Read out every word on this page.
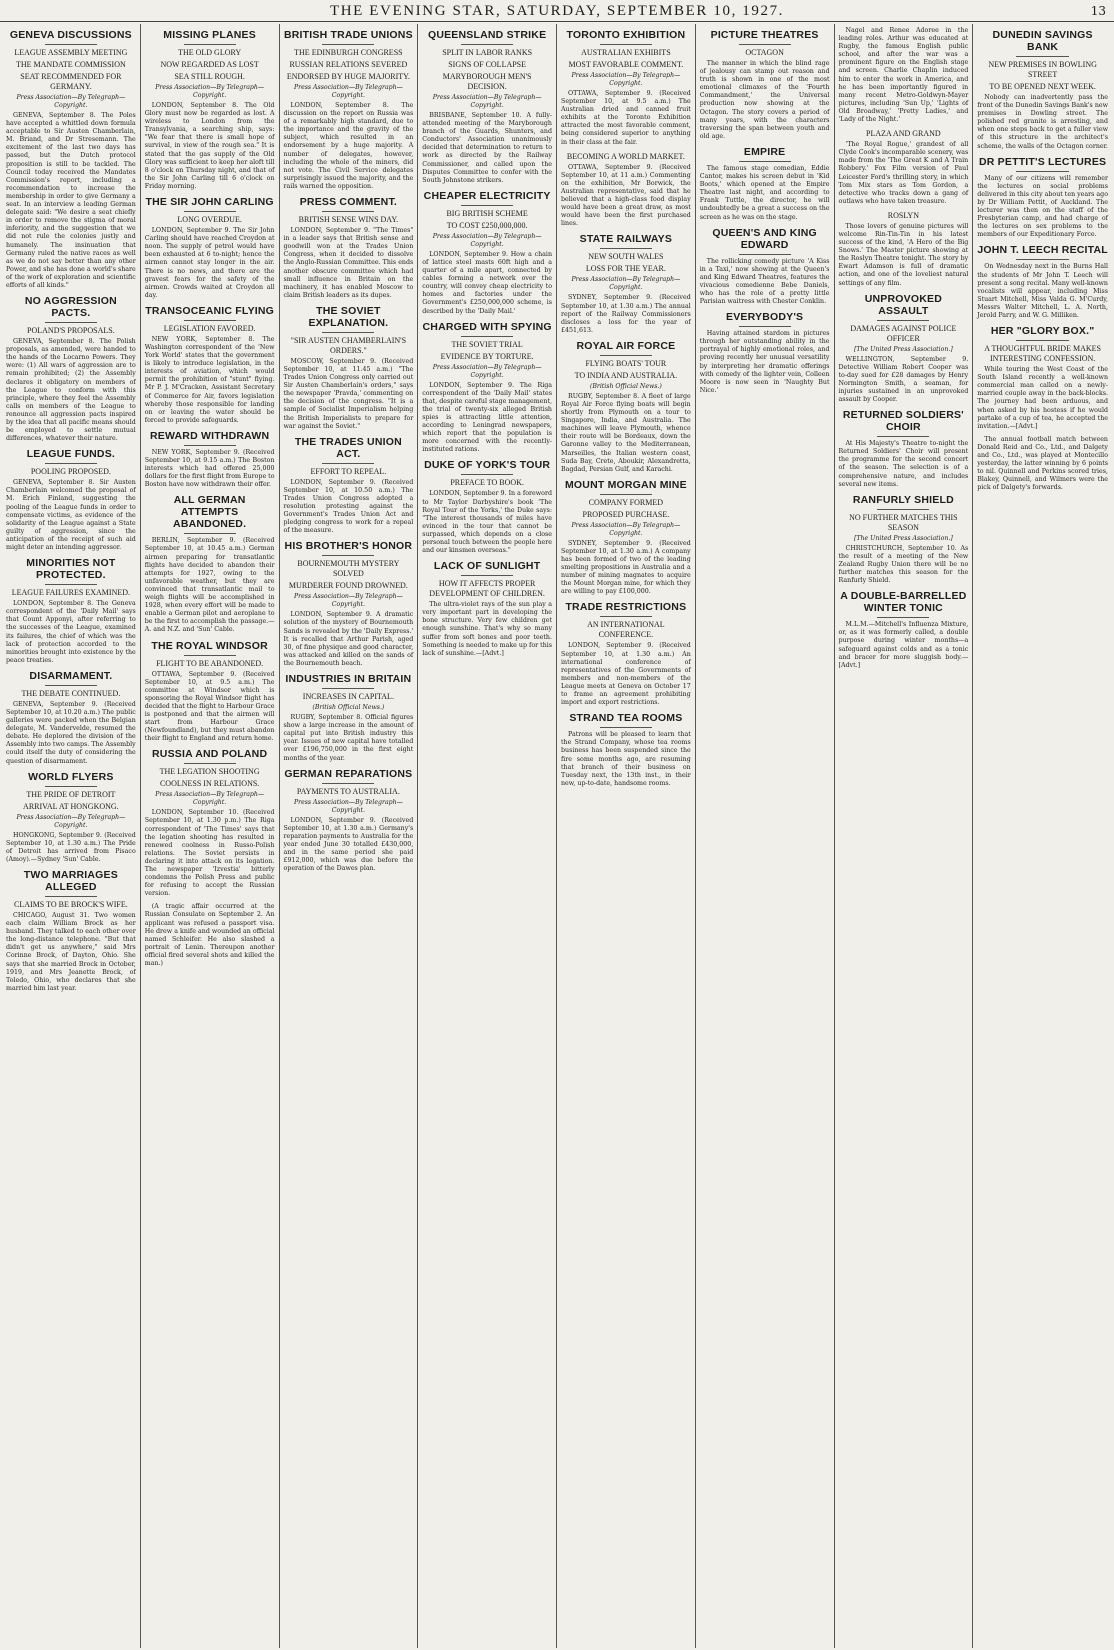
THE EVENING STAR, SATURDAY, SEPTEMBER 10, 1927.	13
GENEVA DISCUSSIONS
LEAGUE ASSEMBLY MEETING
THE MANDATE COMMISSION
SEAT RECOMMENDED FOR GERMANY.
Press Association—By Telegraph—Copyright.
GENEVA, September 8. The Poles have accepted a whittled down formula acceptable to Sir Austen Chamberlain, M. Briand, and Dr Stresemann. The excitement of the last two days has passed, but the Dutch protocol proposition is still to be tackled. The Council today received the Mandates Commission's report, including a recommendation to increase the membership in order to give Germany a seat. In an interview a leading German delegate said: "We desire a seat chiefly in order to remove the stigma of moral inferiority, and the suggestion that we did not rule the colonies justly and humanely. The insinuation that Germany ruled the native races as well as we do not say better than any other Power, and she has done a world's share of the work of exploration and scientific efforts of all kinds."
NO AGGRESSION PACTS.
POLAND'S PROPOSALS.
GENEVA, September 8. The Polish proposals, as amended, were handed to the hands of the Locarno Powers. They were: (1) All wars of aggression are to remain prohibited; (2) the Assembly declares it obligatory on members of the League to conform with this principle, where they feel the Assembly calls on members of the League to renounce all aggression pacts inspired by the idea that all pacific means should be employed to settle mutual differences, whatever their nature.
LEAGUE FUNDS.
POOLING PROPOSED.
GENEVA, September 8. Sir Austen Chamberlain welcomed the proposal of M. Erich Finland, suggesting the pooling of the League funds in order to compensate victims, as evidence of the solidarity of the League against a State guilty of aggression, since the anticipation of the receipt of such aid might deter an intending aggressor.
MINORITIES NOT PROTECTED.
LEAGUE FAILURES EXAMINED.
LONDON, September 8. The Geneva correspondent of the 'Daily Mail' says that Count Apponyi, after referring to the successes of the League, examined its failures, the chief of which was the lack of protection accorded to the minorities brought into existence by the peace treaties.
DISARMAMENT.
THE DEBATE CONTINUED.
GENEVA, September 9. (Received September 10, at 10.20 a.m.) The public galleries were packed when the Belgian delegate, M. Vandervelde, resumed the debate. He deplored the division of the Assembly into two camps. The Assembly could itself the duty of considering the question of disarmament.
WORLD FLYERS
THE PRIDE OF DETROIT
ARRIVAL AT HONGKONG.
Press Association—By Telegraph—Copyright.
HONGKONG, September 9. (Received September 10, at 1.30 a.m.) The Pride of Detroit has arrived from Pisaco (Amoy).—Sydney 'Sun' Cable.
TWO MARRIAGES ALLEGED
CLAIMS TO BE BROCK'S WIFE.
CHICAGO, August 31. Two women each claim William Brock as her husband. They talked to each other over the long-distance telephone. "But that didn't get us anywhere," said Mrs Corinne Brock, of Dayton, Ohio. She says that she married Brock in October, 1919, and Mrs Jeanette Brock, of Toledo, Ohio, who declares that she married him last year.
MISSING PLANES
THE OLD GLORY
NOW REGARDED AS LOST
SEA STILL ROUGH.
Press Association—By Telegraph—Copyright.
LONDON, September 8. The Old Glory must now be regarded as lost. A wireless to London from the Transylvania, a searching ship, says: "We fear that there is small hope of survival, in view of the rough sea." It is stated that the gas supply of the Old Glory was sufficient to keep her aloft till 8 o'clock on Thursday night, and that of the Sir John Carling till 6 o'clock on Friday morning.
THE SIR JOHN CARLING
LONG OVERDUE.
LONDON, September 9. The Sir John Carling should have reached Croydon at noon. The supply of petrol would have been exhausted at 6 to-night; hence the airmen cannot stay longer in the air. There is no news, and there are the gravest fears for the safety of the airmen. Crowds waited at Croydon all day.
TRANSOCEANIC FLYING
LEGISLATION FAVORED.
NEW YORK, September 8. The Washington correspondent of the 'New York World' states that the government is likely to introduce legislation, in the interests of aviation, which would permit the prohibition of "stunt" flying. Mr P. J. M'Cracken, Assistant Secretary of Commerce for Air, favors legislation whereby those responsible for landing on or leaving the water should be forced to provide safeguards.
REWARD WITHDRAWN
NEW YORK, September 9. (Received September 10, at 9.15 a.m.) The Boston interests which had offered 25,000 dollars for the first flight from Europe to Boston have now withdrawn their offer.
ALL GERMAN ATTEMPTS ABANDONED.
BERLIN, September 9. (Received September 10, at 10.45 a.m.) German airmen preparing for transatlantic flights have decided to abandon their attempts for 1927, owing to the unfavorable weather, but they are convinced that transatlantic mail to weigh flights will be accomplished in 1928, when every effort will be made to enable a German pilot and aeroplane to be the first to accomplish the passage.—A. and N.Z. and 'Sun' Cable.
THE ROYAL WINDSOR
FLIGHT TO BE ABANDONED.
OTTAWA, September 9. (Received September 10, at 9.5 a.m.) The committee at Windsor which is sponsoring the Royal Windsor flight has decided that the flight to Harbour Grace is postponed and that the airmen will start from Harbour Grace (Newfoundland), but they must abandon their flight to England and return home.
RUSSIA AND POLAND
THE LEGATION SHOOTING
COOLNESS IN RELATIONS.
Press Association—By Telegraph—Copyright.
LONDON, September 10. (Received September 10, at 1.30 p.m.) The Riga correspondent of 'The Times' says that the legation shooting has resulted in renewed coolness in Russo-Polish relations. The Soviet persists in declaring it into attack on its legation. The newspaper 'Izvestia' bitterly condemns the Polish Press and public for refusing to accept the Russian version.
(A tragic affair occurred at the Russian Consulate on September 2. An applicant was refused a passport visa. He drew a knife and wounded an official named Schleifer. He also slashed a portrait of Lenin. Thereupon another official fired several shots and killed the man.)
BRITISH TRADE UNIONS
THE EDINBURGH CONGRESS
RUSSIAN RELATIONS SEVERED
ENDORSED BY HUGE MAJORITY.
Press Association—By Telegraph—Copyright.
LONDON, September 8. The discussion on the report on Russia was of a remarkably high standard, due to the importance and the gravity of the subject, which resulted in an endorsement by a huge majority. A number of delegates, however, including the whole of the miners, did not vote. The Civil Service delegates surprisingly issued the majority, and the rails warned the opposition.
PRESS COMMENT.
BRITISH SENSE WINS DAY.
LONDON, September 9. "The Times" in a leader says that British sense and goodwill won at the Trades Union Congress, when it decided to dissolve the Anglo-Russian Committee. This ends another obscure committee which had small influence in Britain on the machinery, it has enabled Moscow to claim British leaders as its dupes.
THE SOVIET EXPLANATION.
"SIR AUSTEN CHAMBERLAIN'S ORDERS."
MOSCOW, September 9. (Received September 10, at 11.45 a.m.) "The Trades Union Congress only carried out Sir Austen Chamberlain's orders," says the newspaper 'Pravda,' commenting on the decision of the congress. "It is a sample of Socialist Imperialism helping the British Imperialists to prepare for war against the Soviet."
THE TRADES UNION ACT.
EFFORT TO REPEAL.
LONDON, September 9. (Received September 10, at 10.50 a.m.) The Trades Union Congress adopted a resolution protesting against the Government's Trades Union Act and pledging congress to work for a repeal of the measure.
HIS BROTHER'S HONOR
BOURNEMOUTH MYSTERY SOLVED
MURDERER FOUND DROWNED.
Press Association—By Telegraph—Copyright.
LONDON, September 9. A dramatic solution of the mystery of Bournemouth Sands is revealed by the 'Daily Express.' It is recalled that Arthur Parish, aged 30, of fine physique and good character, was attacked and killed on the sands of the Bournemouth beach.
INDUSTRIES IN BRITAIN
INCREASES IN CAPITAL.
(British Official News.)
RUGBY, September 8. Official figures show a large increase in the amount of capital put into British industry this year. Issues of new capital have totalled over £196,750,000 in the first eight months of the year.
GERMAN REPARATIONS
PAYMENTS TO AUSTRALIA.
Press Association—By Telegraph—Copyright.
LONDON, September 9. (Received September 10, at 1.30 a.m.) Germany's reparation payments to Australia for the year ended June 30 totalled £430,000, and in the same period she paid £912,000, which was due before the operation of the Dawes plan.
QUEENSLAND STRIKE
SPLIT IN LABOR RANKS
SIGNS OF COLLAPSE
MARYBOROUGH MEN'S DECISION.
Press Association—By Telegraph—Copyright.
BRISBANE, September 10. A fully-attended meeting of the Maryborough branch of the Guards, Shunters, and Conductors' Association unanimously decided that determination to return to work as directed by the Railway Commissioner, and called upon the Disputes Committee to confer with the South Johnstone strikers.
CHEAPER ELECTRICITY
BIG BRITISH SCHEME
TO COST £250,000,000.
Press Association—By Telegraph—Copyright.
LONDON, September 9. How a chain of lattice steel masts 60ft high and a quarter of a mile apart, connected by cables forming a network over the country, will convey cheap electricity to homes and factories under the Government's £250,000,000 scheme, is described by the 'Daily Mail.'
CHARGED WITH SPYING
THE SOVIET TRIAL
EVIDENCE BY TORTURE.
Press Association—By Telegraph—Copyright.
LONDON, September 9. The Riga correspondent of the 'Daily Mail' states that, despite careful stage management, the trial of twenty-six alleged British spies is attracting little attention, according to Leningrad newspapers, which report that the population is more concerned with the recently-instituted rations.
DUKE OF YORK'S TOUR
PREFACE TO BOOK.
LONDON, September 9. In a foreword to Mr Taylor Darbyshire's book 'The Royal Tour of the Yorks,' the Duke says: "The interest thousands of miles have evinced in the tour that cannot be surpassed, which depends on a close personal touch between the people here and our kinsmen overseas."
LACK OF SUNLIGHT
HOW IT AFFECTS PROPER DEVELOPMENT OF CHILDREN.
The ultra-violet rays of the sun play a very important part in developing the bone structure. Very few children get enough sunshine. That's why so many suffer from soft bones and poor teeth. Something is needed to make up for this lack of sunshine.—[Advt.]
TORONTO EXHIBITION
AUSTRALIAN EXHIBITS
MOST FAVORABLE COMMENT.
Press Association—By Telegraph—Copyright.
OTTAWA, September 9. (Received September 10, at 9.5 a.m.) The Australian dried and canned fruit exhibits at the Toronto Exhibition attracted the most favorable comment, being considered superior to anything in their class at the fair.
BECOMING A WORLD MARKET.
OTTAWA, September 9. (Received September 10, at 11 a.m.) Commenting on the exhibition, Mr Borwick, the Australian representative, said that he believed that a high-class food display would have been a great draw, as most would have been the first purchased lines.
STATE RAILWAYS
NEW SOUTH WALES
LOSS FOR THE YEAR.
Press Association—By Telegraph—Copyright.
SYDNEY, September 9. (Received September 10, at 1.30 a.m.) The annual report of the Railway Commissioners discloses a loss for the year of £451,613.
ROYAL AIR FORCE
FLYING BOATS' TOUR
TO INDIA AND AUSTRALIA.
(British Official News.)
RUGBY, September 8. A fleet of large Royal Air Force flying boats will begin shortly from Plymouth on a tour to Singapore, India, and Australia. The machines will leave Plymouth, whence their route will be Bordeaux, down the Garonne valley to the Mediterranean, Marseilles, the Italian western coast, Suda Bay, Crete, Aboukir, Alexandretta, Bagdad, Persian Gulf, and Karachi.
MOUNT MORGAN MINE
COMPANY FORMED
PROPOSED PURCHASE.
Press Association—By Telegraph—Copyright.
SYDNEY, September 9. (Received September 10, at 1.30 a.m.) A company has been formed of two of the leading smelting propositions in Australia and a number of mining magnates to acquire the Mount Morgan mine, for which they are willing to pay £100,000.
TRADE RESTRICTIONS
AN INTERNATIONAL CONFERENCE.
LONDON, September 9. (Received September 10, at 1.30 a.m.) An international conference of representatives of the Governments of members and non-members of the League meets at Geneva on October 17 to frame an agreement prohibiting import and export restrictions.
STRAND TEA ROOMS
Patrons will be pleased to learn that the Strand Company, whose tea rooms business has been suspended since the fire some months ago, are resuming that branch of their business on Tuesday next, the 13th inst., in their new, up-to-date, handsome rooms.
PICTURE THEATRES
OCTAGON
The manner in which the blind rage of jealousy can stamp out reason and truth is shown in one of the most emotional climaxes of the 'Fourth Commandment,' the Universal production now showing at the Octagon. The story covers a period of many years, with the characters traversing the span between youth and old age.
EMPIRE
The famous stage comedian, Eddie Cantor, makes his screen debut in 'Kid Boots,' which opened at the Empire Theatre last night, and according to Frank Tuttle, the director, he will undoubtedly be a great a success on the screen as he was on the stage.
QUEEN'S AND KING EDWARD
The rollicking comedy picture 'A Kiss in a Taxi,' now showing at the Queen's and King Edward Theatres, features the vivacious comedienne Bebe Daniels, who has the role of a pretty little Parisian waitress with Chester Conklin.
EVERYBODY'S
Having attained stardom in pictures through her outstanding ability in the portrayal of highly emotional roles, and proving recently her unusual versatility by interpreting her dramatic offerings with comedy of the lighter vein, Colleen Moore is now seen in 'Naughty But Nice.'
Nagel and Renee Adoree in the leading roles. Arthur was educated at Rugby, the famous English public school, and after the war was a prominent figure on the English stage and screen. Charlie Chaplin induced him to enter the work in America, and he has been importantly figured in many recent Metro-Goldwyn-Mayer pictures, including 'Sun Up,' 'Lights of Old Broadway,' 'Pretty Ladies,' and 'Lady of the Night.'
PLAZA AND GRAND
'The Royal Rogue,' grandest of all Clyde Cook's incomparable scenery, was made from the 'The Great K and A Train Robbery.' Fox Film version of Paul Leicester Ford's thrilling story, in which Tom Mix stars as Tom Gordon, a detective who tracks down a gang of outlaws who have taken treasure.
ROSLYN
Those lovers of genuine pictures will welcome Rin-Tin-Tin in his latest success of the kind, 'A Hero of the Big Snows.' The Master picture showing at the Roslyn Theatre tonight. The story by Ewart Adamson is full of dramatic action, and one of the loveliest natural settings of any film.
UNPROVOKED ASSAULT
DAMAGES AGAINST POLICE OFFICER
[The United Press Association.]
WELLINGTON, September 9. Detective William Robert Cooper was to-day sued for £28 damages by Henry Normington Smith, a seaman, for injuries sustained in an unprovoked assault by Cooper.
RETURNED SOLDIERS' CHOIR
At His Majesty's Theatre to-night the Returned Soldiers' Choir will present the programme for the second concert of the season. The selection is of a comprehensive nature, and includes several new items.
RANFURLY SHIELD
NO FURTHER MATCHES THIS SEASON
[The United Press Association.]
CHRISTCHURCH, September 10. As the result of a meeting of the New Zealand Rugby Union there will be no further matches this season for the Ranfurly Shield.
A DOUBLE-BARRELLED WINTER TONIC
M.L.M.—Mitchell's Influenza Mixture, or, as it was formerly called, a double purpose during winter months—a safeguard against colds and as a tonic and bracer for more sluggish body.—[Advt.]
DUNEDIN SAVINGS BANK
NEW PREMISES IN BOWLING STREET
TO BE OPENED NEXT WEEK.
Nobody can inadvertently pass the front of the Dunedin Savings Bank's new premises in Dowling street. The polished red granite is arresting, and when one steps back to get a fuller view of this structure in the architect's scheme, the walls of the Octagon corner.
DR PETTIT'S LECTURES
Many of our citizens will remember the lectures on social problems delivered in this city about ten years ago by Dr William Pettit, of Auckland. The lecturer was then on the staff of the Presbyterian camp, and had charge of the lectures on sex problems to the members of our Expeditionary Force.
JOHN T. LEECH RECITAL
On Wednesday next in the Burns Hall the students of Mr John T. Leech will present a song recital. Many well-known vocalists will appear, including Miss Stuart Mitchell, Miss Valda G. M'Curdy, Messrs Walter Mitchell, L. A. North, Jerold Parry, and W. G. Milliken.
HER "GLORY BOX."
A THOUGHTFUL BRIDE MAKES INTERESTING CONFESSION.
While touring the West Coast of the South Island recently a well-known commercial man called on a newly-married couple away in the back-blocks. The journey had been arduous, and when asked by his hostess if he would partake of a cup of tea, he accepted the invitation.—[Advt.]
The annual football match between Donald Reid and Co., Ltd., and Dalgety and Co., Ltd., was played at Montecillo yesterday, the latter winning by 6 points to nil. Quinnell and Perkins scored tries, Blakey, Quinnell, and Wilmers were the pick of Dalgety's forwards.
